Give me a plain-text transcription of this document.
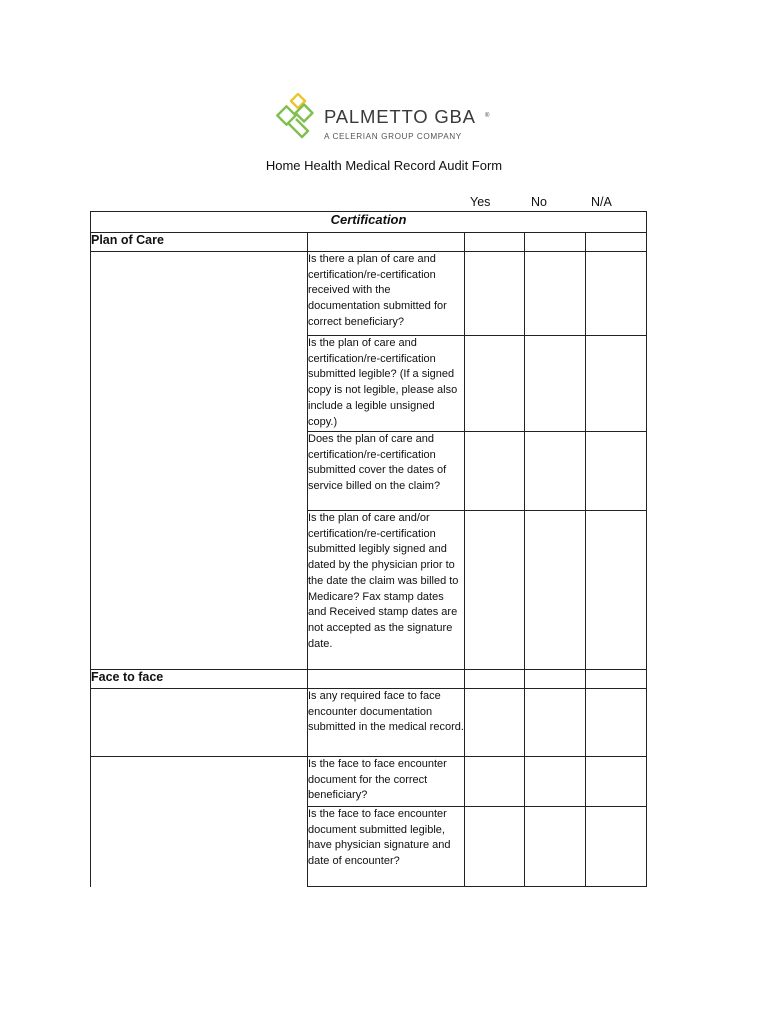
PALMETTO GBA ®
A CELERIAN GROUP COMPANY
Home Health Medical Record Audit Form
Yes	No	N/A
Certification				
Plan of Care				
	Is there a plan of care and certification/re-certification received with the documentation submitted for correct beneficiary?			
	Is the plan of care and certification/re-certification submitted legible? (If a signed copy is not legible, please also include a legible unsigned copy.)			
	Does the plan of care and certification/re-certification submitted cover the dates of service billed on the claim?			
	Is the plan of care and/or certification/re-certification submitted legibly signed and dated by the physician prior to the date the claim was billed to Medicare? Fax stamp dates and Received stamp dates are not accepted as the signature date.			
Face to face				
	Is any required face to face encounter documentation submitted in the medical record.			
	Is the face to face encounter document for the correct beneficiary?			
	Is the face to face encounter document submitted legible, have physician signature and date of encounter?			
